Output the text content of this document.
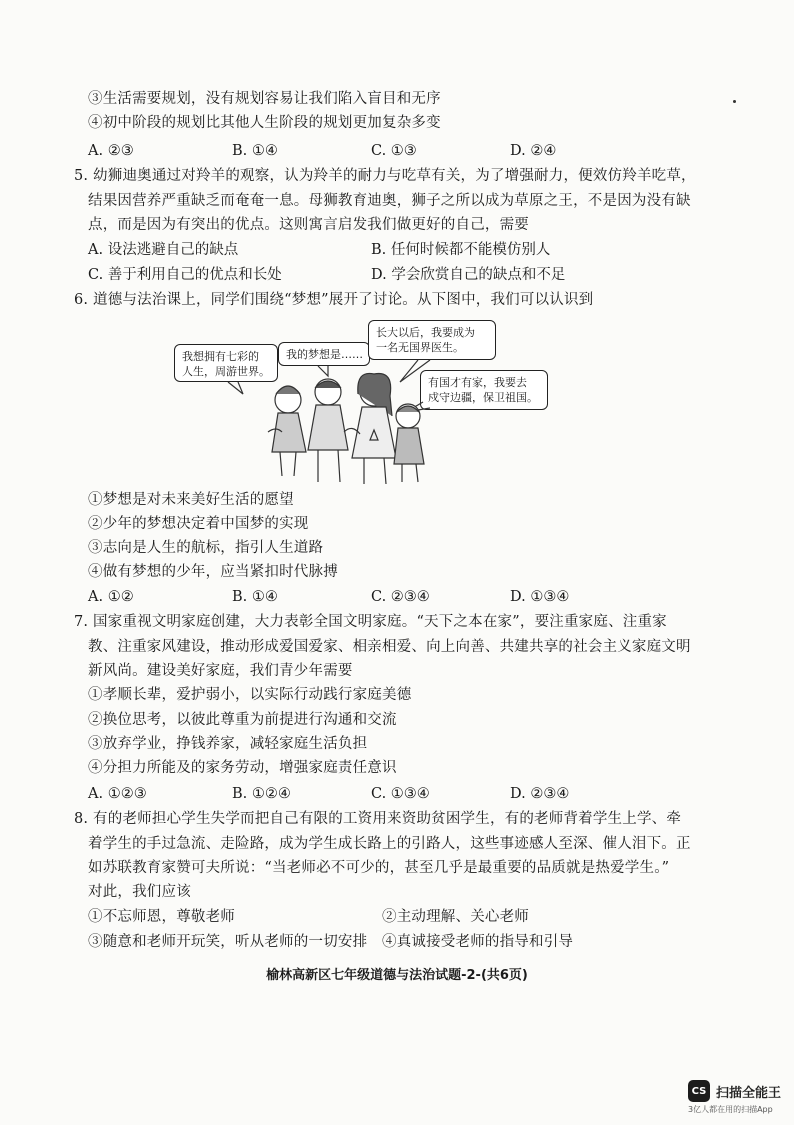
③生活需要规划，没有规划容易让我们陷入盲目和无序
④初中阶段的规划比其他人生阶段的规划更加复杂多变
A. ②③	B. ①④	C. ①③	D. ②④
5. 幼狮迪奥通过对羚羊的观察，认为羚羊的耐力与吃草有关，为了增强耐力，便效仿羚羊吃草，
结果因营养严重缺乏而奄奄一息。母狮教育迪奥，狮子之所以成为草原之王，不是因为没有缺
点，而是因为有突出的优点。这则寓言启发我们做更好的自己，需要
A. 设法逃避自己的缺点	B. 任何时候都不能模仿别人
C. 善于利用自己的优点和长处	D. 学会欣赏自己的缺点和不足
6. 道德与法治课上，同学们围绕“梦想”展开了讨论。从下图中，我们可以认识到
我想拥有七彩的
人生，周游世界。
我的梦想是……
长大以后，我要成为
一名无国界医生。
有国才有家，我要去
戍守边疆，保卫祖国。
①梦想是对未来美好生活的愿望
②少年的梦想决定着中国梦的实现
③志向是人生的航标，指引人生道路
④做有梦想的少年，应当紧扣时代脉搏
A. ①②	B. ①④	C. ②③④	D. ①③④
7. 国家重视文明家庭创建，大力表彰全国文明家庭。“天下之本在家”，要注重家庭、注重家
教、注重家风建设，推动形成爱国爱家、相亲相爱、向上向善、共建共享的社会主义家庭文明
新风尚。建设美好家庭，我们青少年需要
①孝顺长辈，爱护弱小，以实际行动践行家庭美德
②换位思考，以彼此尊重为前提进行沟通和交流
③放弃学业，挣钱养家，减轻家庭生活负担
④分担力所能及的家务劳动，增强家庭责任意识
A. ①②③	B. ①②④	C. ①③④	D. ②③④
8. 有的老师担心学生失学而把自己有限的工资用来资助贫困学生，有的老师背着学生上学、牵
着学生的手过急流、走险路，成为学生成长路上的引路人，这些事迹感人至深、催人泪下。正
如苏联教育家赞可夫所说：“当老师必不可少的，甚至几乎是最重要的品质就是热爱学生。”
对此，我们应该
①不忘师恩，尊敬老师	②主动理解、关心老师
③随意和老师开玩笑，听从老师的一切安排 ④真诚接受老师的指导和引导
榆林高新区七年级道德与法治试题-2-(共6页)
CS 扫描全能王
3亿人都在用的扫描App
